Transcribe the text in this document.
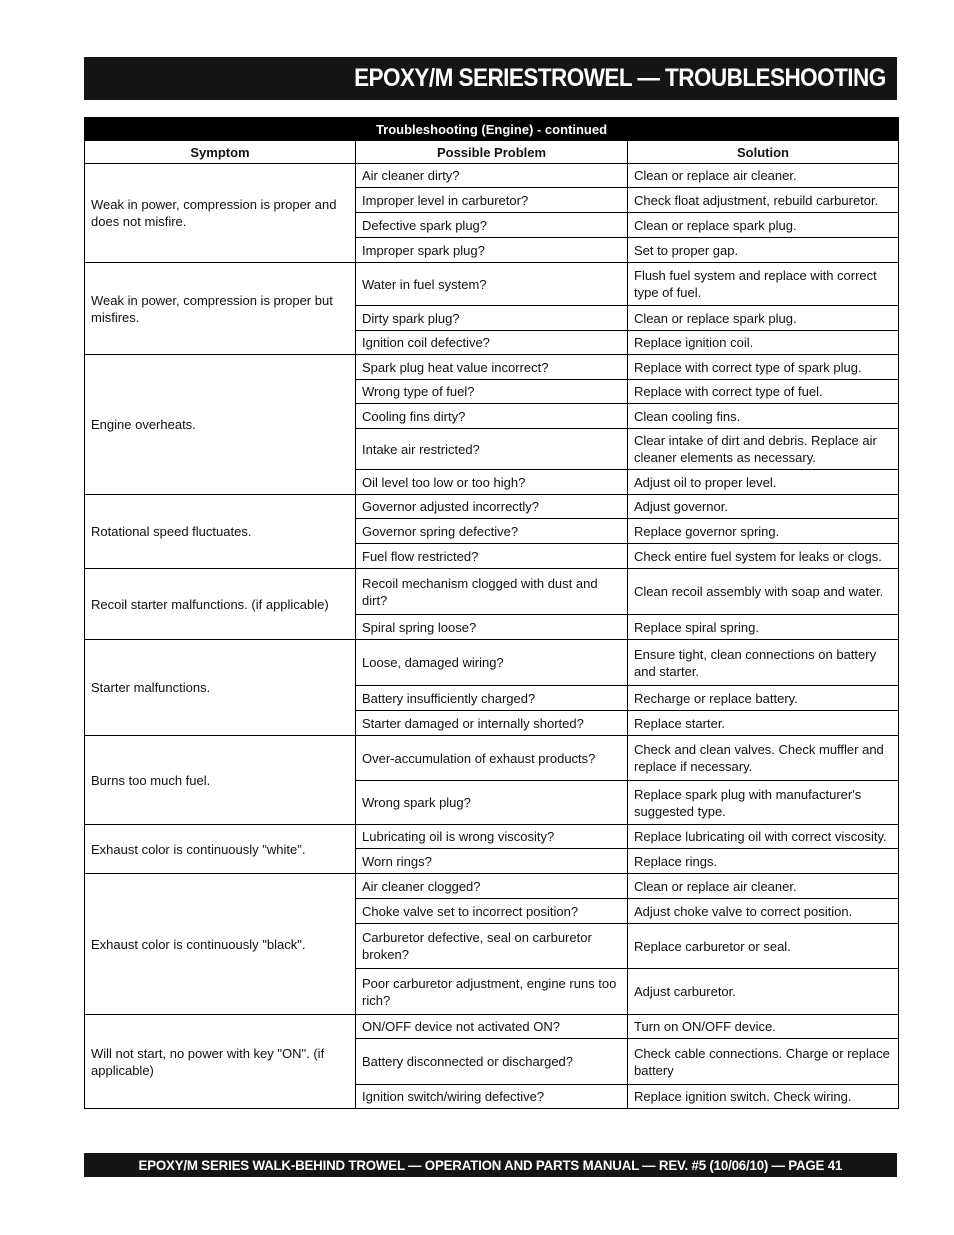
EPOXY/M SERIESTROWEL — TROUBLESHOOTING
Troubleshooting (Engine) - continued		
Symptom	Possible Problem	Solution
Weak in power, compression is proper and does not misfire.	Air cleaner dirty?	Clean or replace air cleaner.
	Improper level in carburetor?	Check float adjustment, rebuild carburetor.
	Defective spark plug?	Clean or replace spark plug.
	Improper spark plug?	Set to proper gap.
Weak in power, compression is proper but misfires.	Water in fuel system?	Flush fuel system and replace with correct type of fuel.
	Dirty spark plug?	Clean or replace spark plug.
	Ignition coil defective?	Replace ignition coil.
Engine overheats.	Spark plug heat value incorrect?	Replace with correct type of spark plug.
	Wrong type of fuel?	Replace with correct type of fuel.
	Cooling fins dirty?	Clean cooling fins.
	Intake air restricted?	Clear intake of dirt and debris. Replace air cleaner elements as necessary.
	Oil level too low or too high?	Adjust oil to proper level.
Rotational speed fluctuates.	Governor adjusted incorrectly?	Adjust governor.
	Governor spring defective?	Replace governor spring.
	Fuel flow restricted?	Check entire fuel system for leaks or clogs.
Recoil starter malfunctions. (if applicable)	Recoil mechanism clogged with dust and dirt?	Clean recoil assembly with soap and water.
	Spiral spring loose?	Replace spiral spring.
Starter malfunctions.	Loose, damaged wiring?	Ensure tight, clean connections on battery and starter.
	Battery insufficiently charged?	Recharge or replace battery.
	Starter damaged or internally shorted?	Replace starter.
Burns too much fuel.	Over-accumulation of exhaust products?	Check and clean valves. Check muffler and replace if necessary.
	Wrong spark plug?	Replace spark plug with manufacturer's suggested type.
Exhaust color is continuously "white".	Lubricating oil is wrong viscosity?	Replace lubricating oil with correct viscosity.
	Worn rings?	Replace rings.
Exhaust color is continuously "black".	Air cleaner clogged?	Clean or replace air cleaner.
	Choke valve set to incorrect position?	Adjust choke valve to correct position.
	Carburetor defective, seal on carburetor broken?	Replace carburetor or seal.
	Poor carburetor adjustment, engine runs too rich?	Adjust carburetor.
Will not start, no power with key "ON". (if applicable)	ON/OFF device not activated ON?	Turn on ON/OFF device.
	Battery disconnected or discharged?	Check cable connections. Charge or replace battery
	Ignition switch/wiring defective?	Replace ignition switch. Check wiring.
EPOXY/M SERIES WALK-BEHIND TROWEL — OPERATION AND PARTS MANUAL — REV. #5 (10/06/10) — PAGE 41
